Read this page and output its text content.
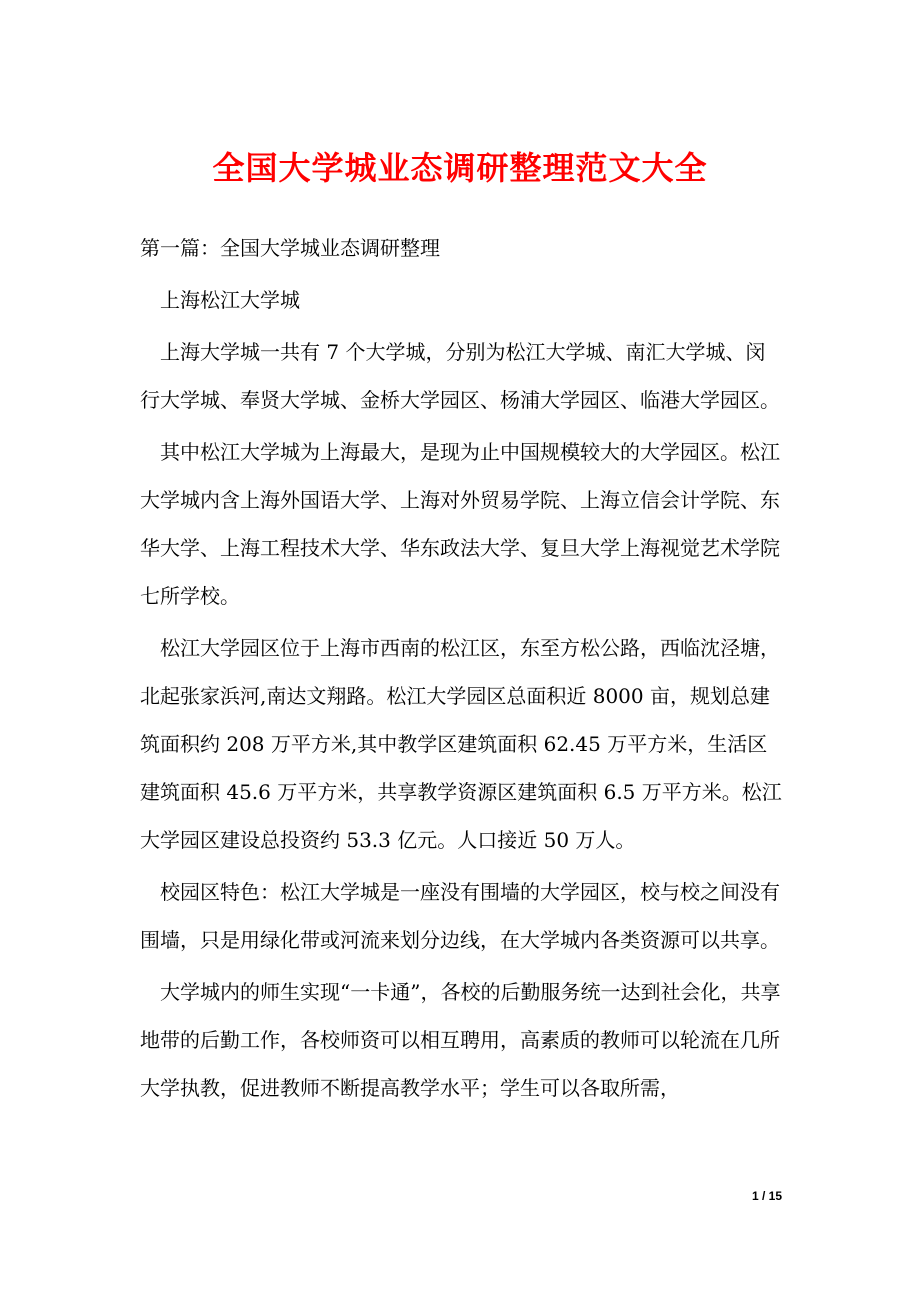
全国大学城业态调研整理范文大全

第一篇：全国大学城业态调研整理

上海松江大学城

上海大学城一共有 7 个大学城，分别为松江大学城、南汇大学城、闵行大学城、奉贤大学城、金桥大学园区、杨浦大学园区、临港大学园区。

其中松江大学城为上海最大，是现为止中国规模较大的大学园区。松江大学城内含上海外国语大学、上海对外贸易学院、上海立信会计学院、东华大学、上海工程技术大学、华东政法大学、复旦大学上海视觉艺术学院七所学校。

松江大学园区位于上海市西南的松江区，东至方松公路，西临沈泾塘，北起张家浜河,南达文翔路。松江大学园区总面积近 8000 亩，规划总建筑面积约 208 万平方米,其中教学区建筑面积 62.45 万平方米，生活区建筑面积 45.6 万平方米，共享教学资源区建筑面积 6.5 万平方米。松江大学园区建设总投资约 53.3 亿元。人口接近 50 万人。

校园区特色：松江大学城是一座没有围墙的大学园区，校与校之间没有围墙，只是用绿化带或河流来划分边线，在大学城内各类资源可以共享。

大学城内的师生实现“一卡通”，各校的后勤服务统一达到社会化，共享地带的后勤工作，各校师资可以相互聘用，高素质的教师可以轮流在几所大学执教，促进教师不断提高教学水平；学生可以各取所需，

1 / 15
